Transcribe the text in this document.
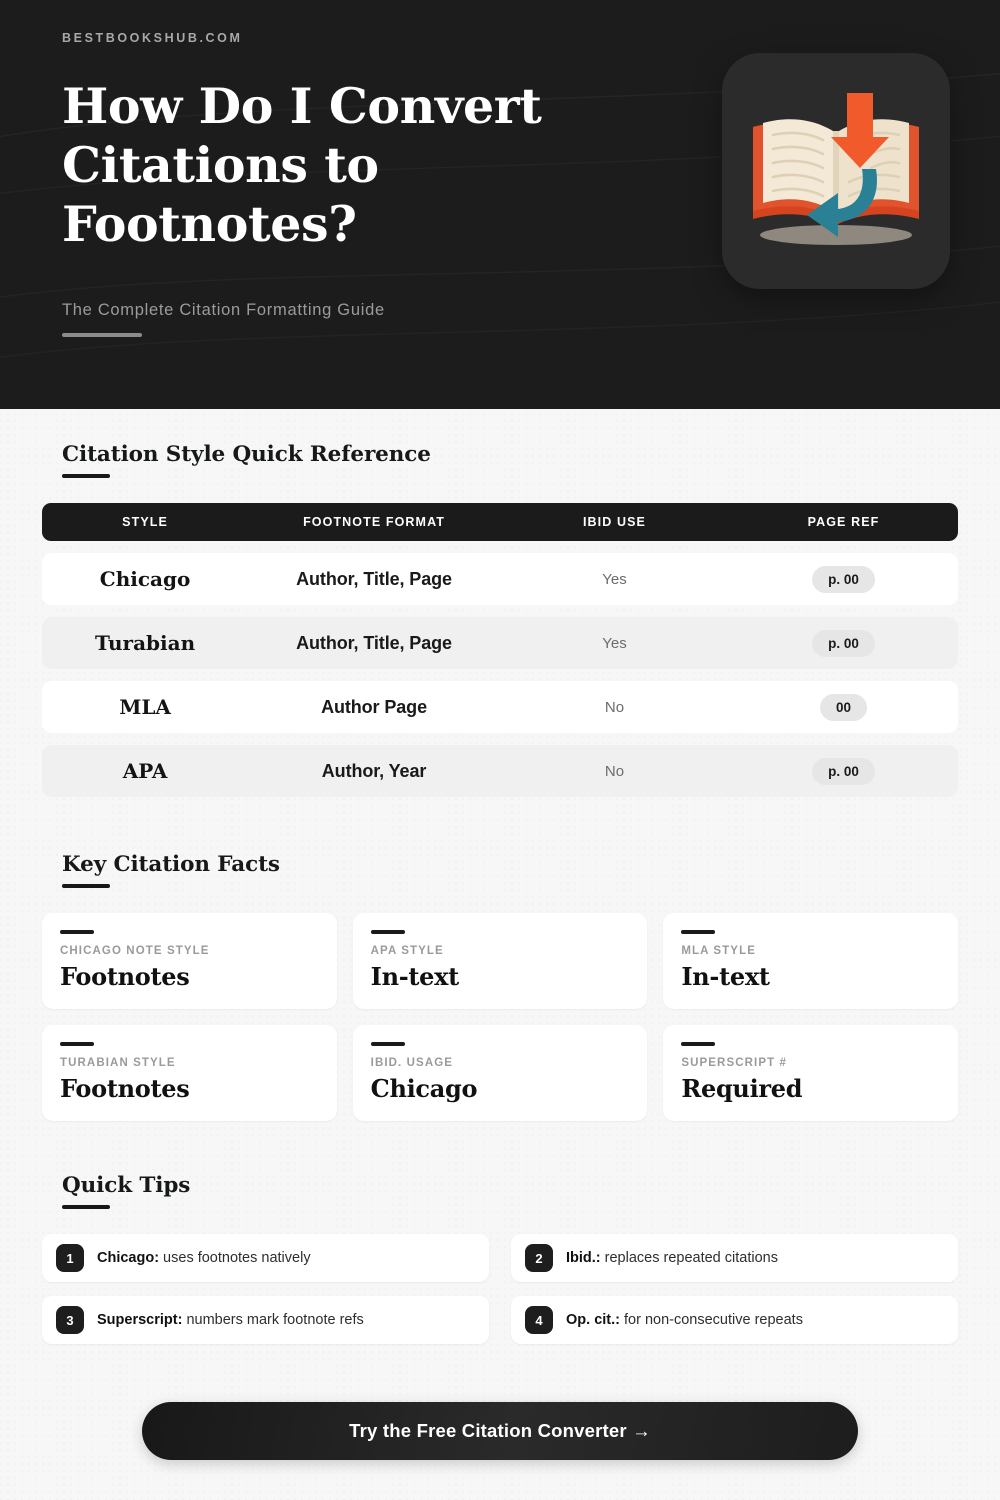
BESTBOOKSHUB.COM
How Do I Convert Citations to Footnotes?
The Complete Citation Formatting Guide
Citation Style Quick Reference
STYLE	FOOTNOTE FORMAT	IBID USE	PAGE REF
Chicago	Author, Title, Page	Yes	p. 00
Turabian	Author, Title, Page	Yes	p. 00
MLA	Author Page	No	00
APA	Author, Year	No	p. 00
Key Citation Facts
CHICAGO NOTE STYLE
Footnotes
APA STYLE
In-text
MLA STYLE
In-text
TURABIAN STYLE
Footnotes
IBID. USAGE
Chicago
SUPERSCRIPT #
Required
Quick Tips
1	Chicago: uses footnotes natively	2	Ibid.: replaces repeated citations
3	Superscript: numbers mark footnote refs	4	Op. cit.: for non-consecutive repeats
Try the Free Citation Converter →
